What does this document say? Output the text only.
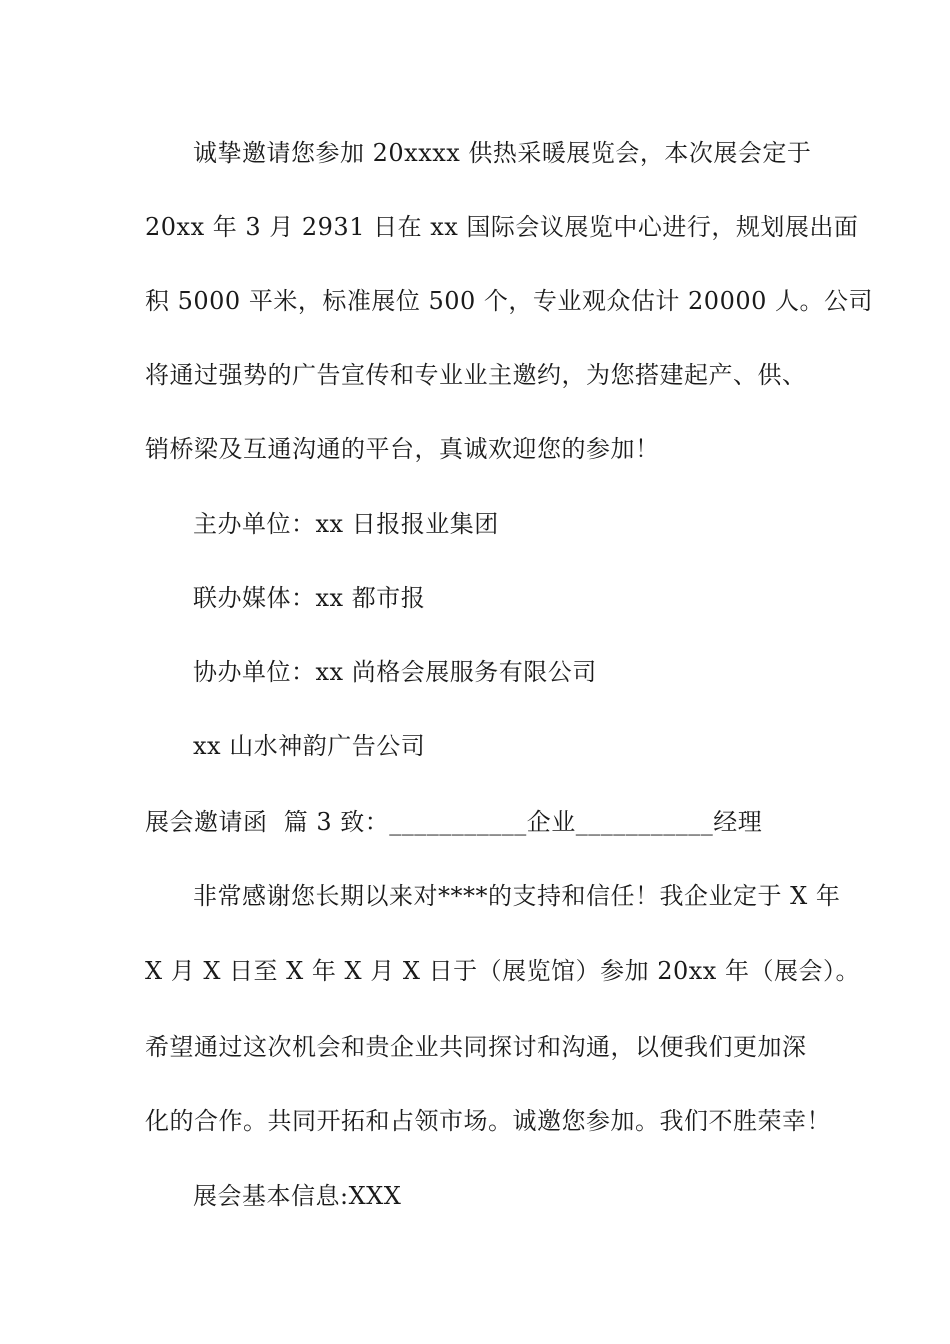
诚挚邀请您参加 20xxxx 供热采暖展览会，本次展会定于
20xx 年 3 月 2931 日在 xx 国际会议展览中心进行，规划展出面
积 5000 平米，标准展位 500 个，专业观众估计 20000 人。公司
将通过强势的广告宣传和专业业主邀约，为您搭建起产、供、
销桥梁及互通沟通的平台，真诚欢迎您的参加！
主办单位：xx 日报报业集团
联办媒体：xx 都市报
协办单位：xx 尚格会展服务有限公司
xx 山水神韵广告公司
展会邀请函  篇 3 致：___________企业___________经理
非常感谢您长期以来对****的支持和信任！我企业定于 X 年
X 月 X 日至 X 年 X 月 X 日于（展览馆）参加 20xx 年（展会）。
希望通过这次机会和贵企业共同探讨和沟通，以便我们更加深
化的合作。共同开拓和占领市场。诚邀您参加。我们不胜荣幸！
展会基本信息:XXX
